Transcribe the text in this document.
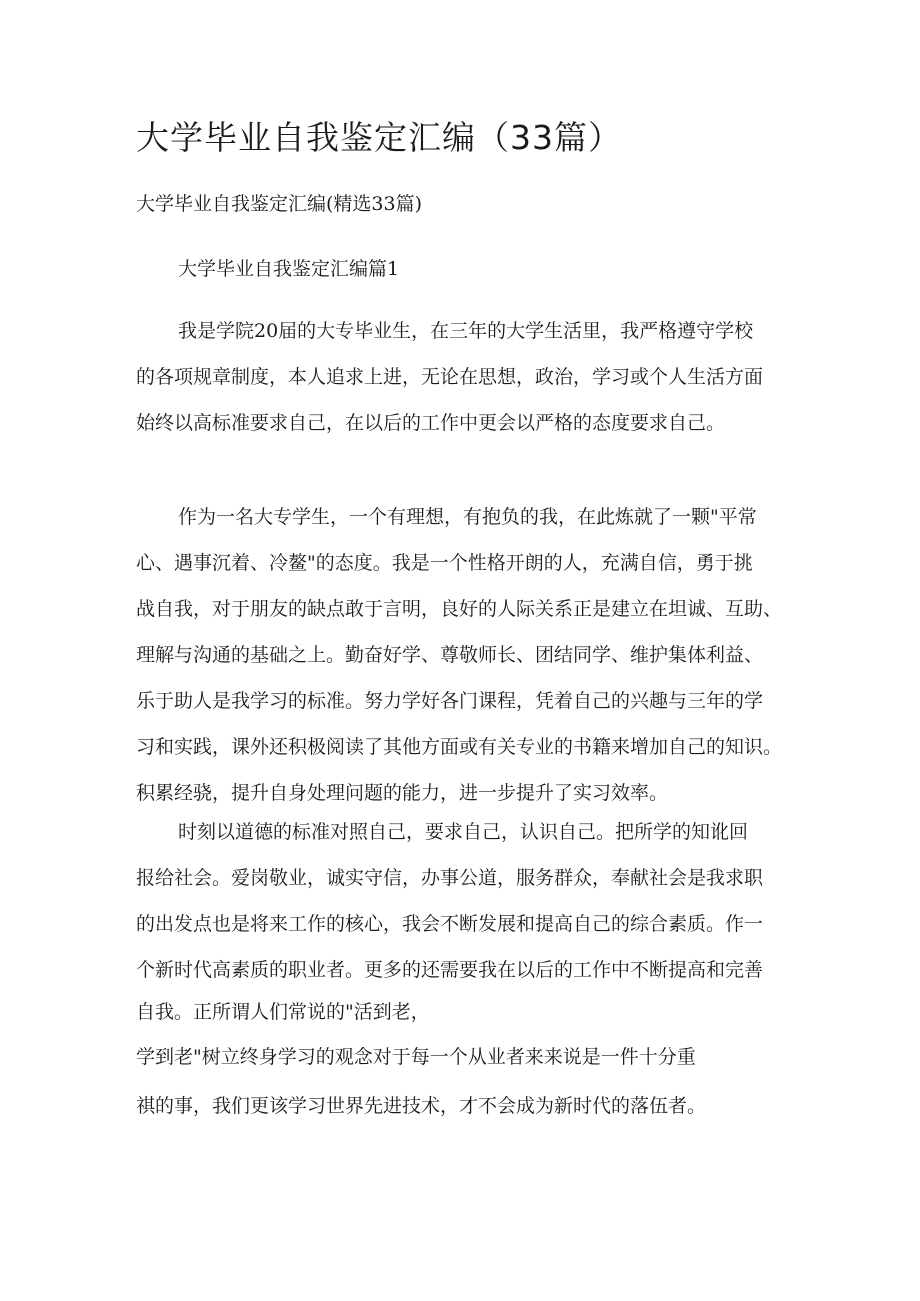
大学毕业自我鉴定汇编（33篇）

大学毕业自我鉴定汇编(精选33篇)

大学毕业自我鉴定汇编篇1

我是学院20届的大专毕业生，在三年的大学生活里，我严格遵守学校
的各项规章制度，本人追求上进，无论在思想，政治，学习或个人生活方面
始终以高标准要求自己，在以后的工作中更会以严格的态度要求自己。

作为一名大专学生，一个有理想，有抱负的我，在此炼就了一颗"平常
心、遇事沉着、冷鳌"的态度。我是一个性格开朗的人，充满自信，勇于挑
战自我，对于朋友的缺点敢于言明，良好的人际关系正是建立在坦诚、互助、
理解与沟通的基础之上。勤奋好学、尊敬师长、团结同学、维护集体利益、
乐于助人是我学习的标准。努力学好各门课程，凭着自己的兴趣与三年的学
习和实践，课外还积极阅读了其他方面或有关专业的书籍来增加自己的知识。
积累经骁，提升自身处理问题的能力，进一步提升了实习效率。

时刻以道德的标准对照自己，要求自己，认识自己。把所学的知讹回
报给社会。爱岗敬业，诚实守信，办事公道，服务群众，奉献社会是我求职
的出发点也是将来工作的核心，我会不断发展和提高自己的综合素质。作一
个新时代高素质的职业者。更多的还需要我在以后的工作中不断提高和完善
自我。正所谓人们常说的"活到老，
学到老"树立终身学习的观念对于每一个从业者来来说是一件十分重
祺的事，我们更该学习世界先进技术，才不会成为新时代的落伍者。
